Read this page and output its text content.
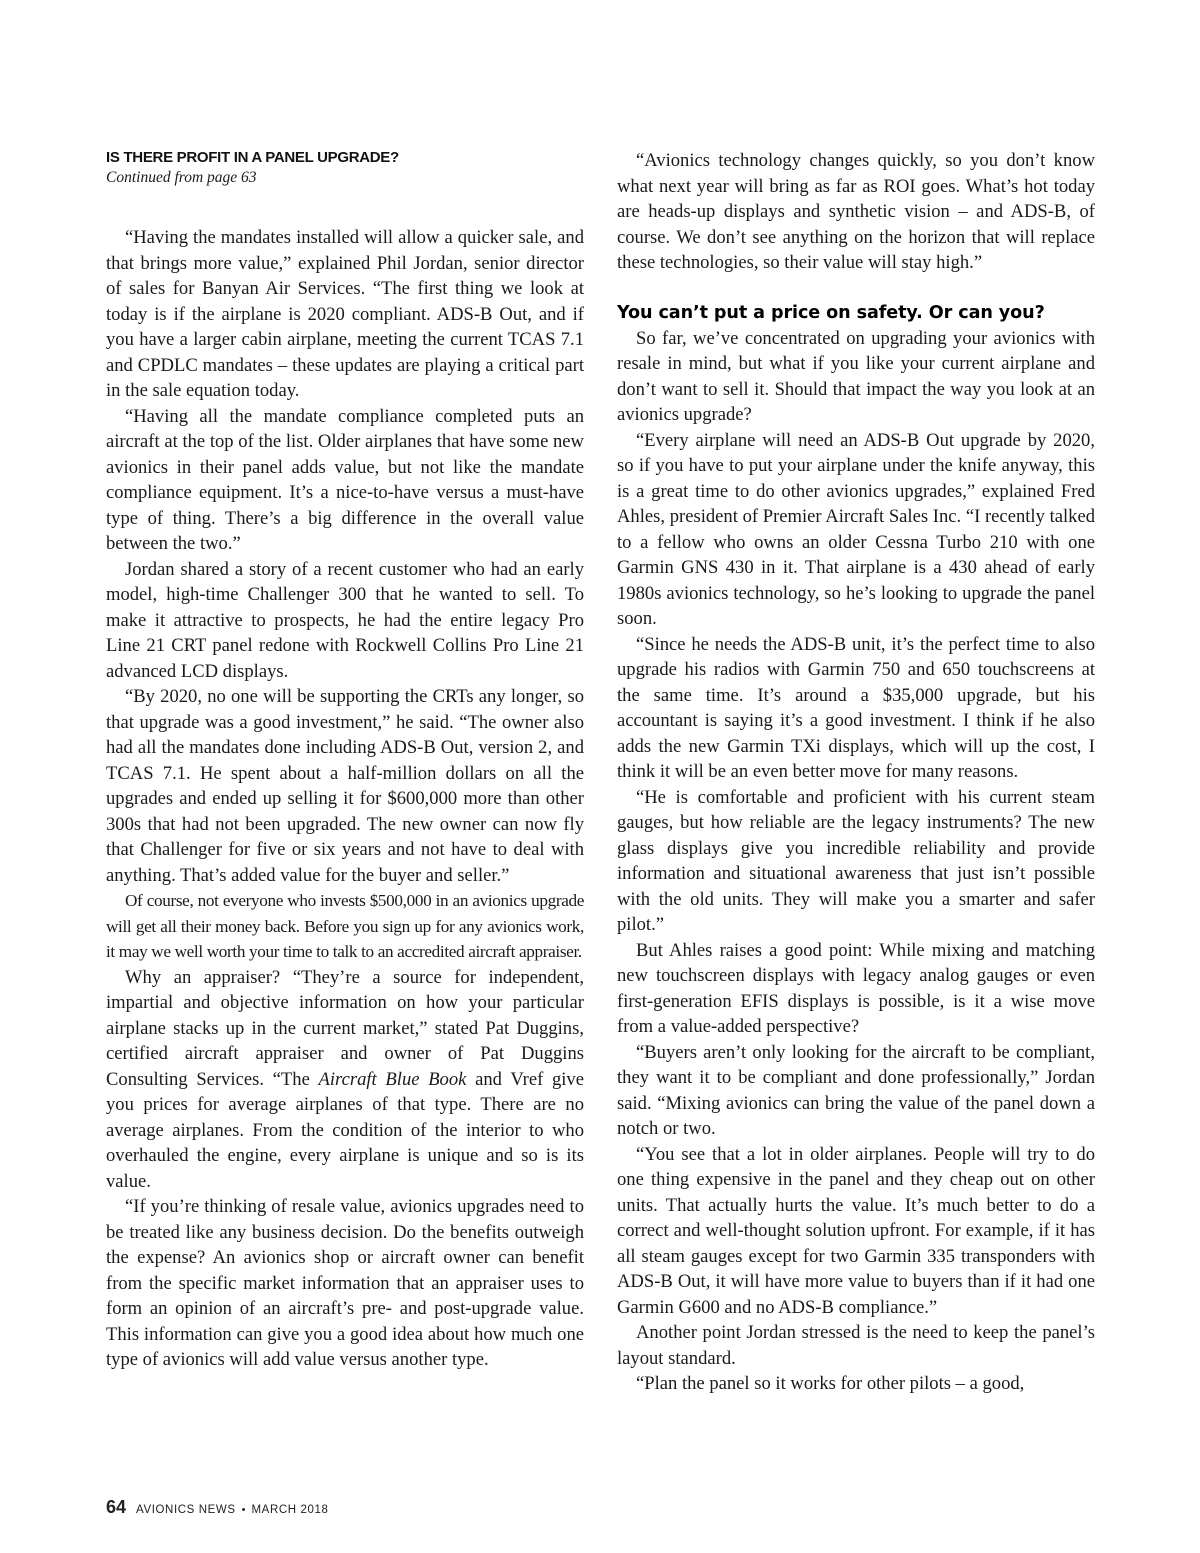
IS THERE PROFIT IN A PANEL UPGRADE?

Continued from page 63

“Having the mandates installed will allow a quicker sale, and that brings more value,” explained Phil Jordan, senior director of sales for Banyan Air Services. “The first thing we look at today is if the airplane is 2020 compliant. ADS-B Out, and if you have a larger cabin airplane, meeting the current TCAS 7.1 and CPDLC mandates – these updates are playing a critical part in the sale equation today.

“Having all the mandate compliance completed puts an aircraft at the top of the list. Older airplanes that have some new avionics in their panel adds value, but not like the mandate compliance equipment. It’s a nice-to-have versus a must-have type of thing. There’s a big difference in the overall value between the two.”

Jordan shared a story of a recent customer who had an early model, high-time Challenger 300 that he wanted to sell. To make it attractive to prospects, he had the entire legacy Pro Line 21 CRT panel redone with Rockwell Collins Pro Line 21 advanced LCD displays.

“By 2020, no one will be supporting the CRTs any longer, so that upgrade was a good investment,” he said. “The owner also had all the mandates done including ADS-B Out, version 2, and TCAS 7.1. He spent about a half-million dollars on all the upgrades and ended up selling it for $600,000 more than other 300s that had not been upgraded. The new owner can now fly that Challenger for five or six years and not have to deal with anything. That’s added value for the buyer and seller.”

Of course, not everyone who invests $500,000 in an avionics upgrade will get all their money back. Before you sign up for any avionics work, it may we well worth your time to talk to an accredited aircraft appraiser.

Why an appraiser? “They’re a source for independent, impartial and objective information on how your particular airplane stacks up in the current market,” stated Pat Duggins, certified aircraft appraiser and owner of Pat Duggins Consulting Services. “The Aircraft Blue Book and Vref give you prices for average airplanes of that type. There are no average airplanes. From the condition of the interior to who overhauled the engine, every airplane is unique and so is its value.

“If you’re thinking of resale value, avionics upgrades need to be treated like any business decision. Do the benefits outweigh the expense? An avionics shop or aircraft owner can benefit from the specific market information that an appraiser uses to form an opinion of an aircraft’s pre- and post-upgrade value. This information can give you a good idea about how much one type of avionics will add value versus another type.

“Avionics technology changes quickly, so you don’t know what next year will bring as far as ROI goes. What’s hot today are heads-up displays and synthetic vision – and ADS-B, of course. We don’t see anything on the horizon that will replace these technologies, so their value will stay high.”

You can’t put a price on safety. Or can you?

So far, we’ve concentrated on upgrading your avionics with resale in mind, but what if you like your current airplane and don’t want to sell it. Should that impact the way you look at an avionics upgrade?

“Every airplane will need an ADS-B Out upgrade by 2020, so if you have to put your airplane under the knife anyway, this is a great time to do other avionics upgrades,” explained Fred Ahles, president of Premier Aircraft Sales Inc. “I recently talked to a fellow who owns an older Cessna Turbo 210 with one Garmin GNS 430 in it. That airplane is a 430 ahead of early 1980s avionics technology, so he’s looking to upgrade the panel soon.

“Since he needs the ADS-B unit, it’s the perfect time to also upgrade his radios with Garmin 750 and 650 touchscreens at the same time. It’s around a $35,000 upgrade, but his accountant is saying it’s a good investment. I think if he also adds the new Garmin TXi displays, which will up the cost, I think it will be an even better move for many reasons.

“He is comfortable and proficient with his current steam gauges, but how reliable are the legacy instruments? The new glass displays give you incredible reliability and provide information and situational awareness that just isn’t possible with the old units. They will make you a smarter and safer pilot.”

But Ahles raises a good point: While mixing and matching new touchscreen displays with legacy analog gauges or even first-generation EFIS displays is possible, is it a wise move from a value-added perspective?

“Buyers aren’t only looking for the aircraft to be compliant, they want it to be compliant and done professionally,” Jordan said. “Mixing avionics can bring the value of the panel down a notch or two.

“You see that a lot in older airplanes. People will try to do one thing expensive in the panel and they cheap out on other units. That actually hurts the value. It’s much better to do a correct and well-thought solution upfront. For example, if it has all steam gauges except for two Garmin 335 transponders with ADS-B Out, it will have more value to buyers than if it had one Garmin G600 and no ADS-B compliance.”

Another point Jordan stressed is the need to keep the panel’s layout standard.

“Plan the panel so it works for other pilots – a good,

64 AVIONICS NEWS • MARCH 2018
